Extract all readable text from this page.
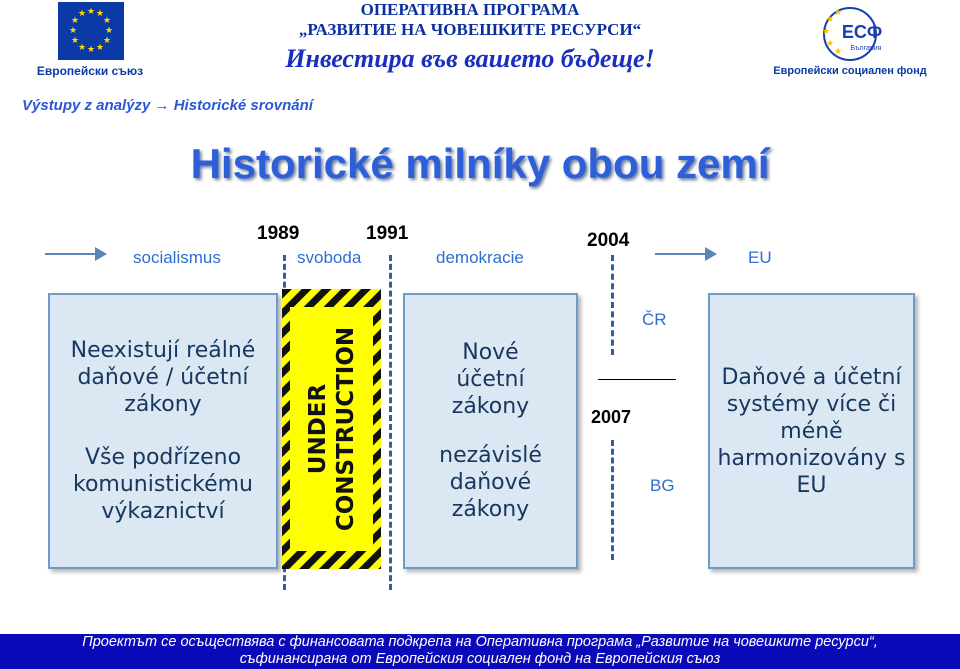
★ ★
★
★
★
★
★
★
★
★
★
★
Европейски съюз
ОПЕРАТИВНА ПРОГРАМА
„РАЗВИТИЕ НА ЧОВЕШКИТЕ РЕСУРСИ“
Инвестира във вашето бъдеще!
★
★
★
★
★
ЕСФ
България
Европейски социален фонд
Výstupy z analýzy → Historické srovnání
Historické milníky obou zemí
socialismus
1989	1991
svoboda	demokracie
2004
EU

Neexistují reálné daňové / účetní zákony

Vše podřízeno komunistickému výkaznictví

UNDER CONSTRUCTION	Nové účetní zákony

nezávislé daňové zákony

ČR
2007
BG

Daňové a účetní systémy více či méně harmonizovány s EU

Проектът се осъществява с финансовата подкрепа на Оперативна програма „Развитие на човешките ресурси“,
съфинансирана от Европейския социален фонд на Европейския съюз
